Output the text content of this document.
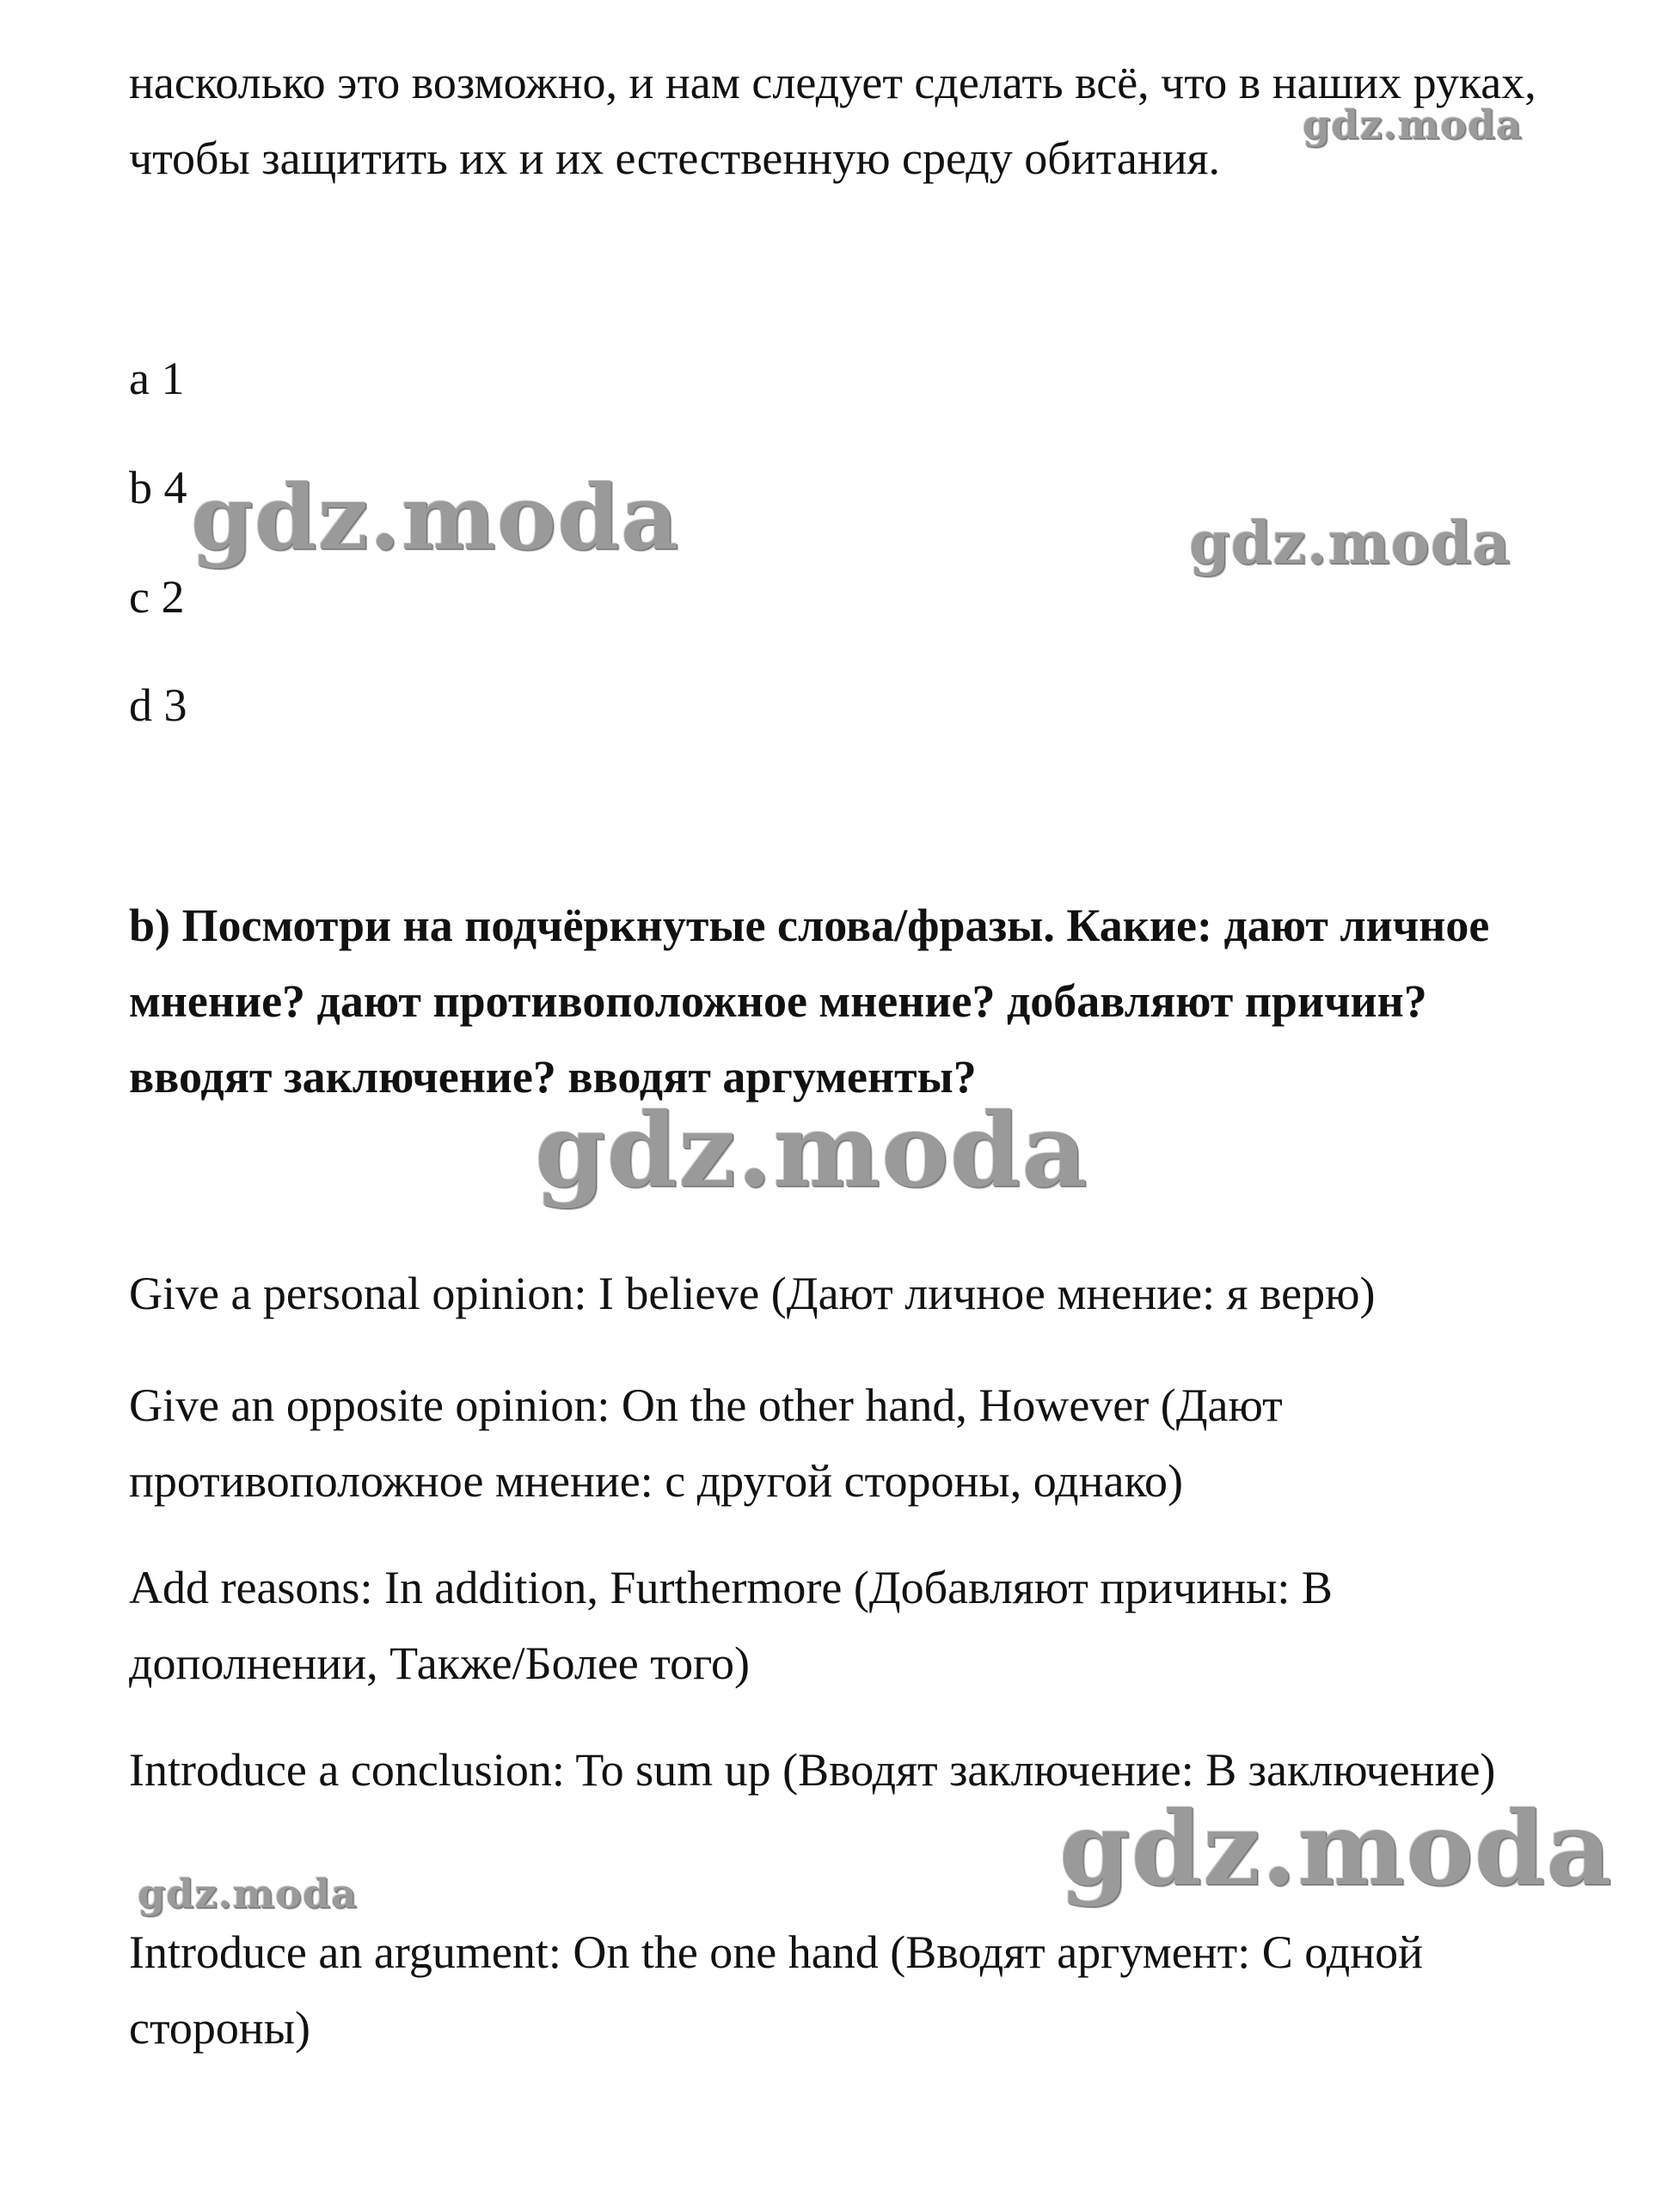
насколько это возможно, и нам следует сделать всё, что в наших руках, чтобы защитить их и их естественную среду обитания.
a 1
b 4
c 2
d 3
b) Посмотри на подчёркнутые слова/фразы. Какие: дают личное мнение? дают противоположное мнение? добавляют причин? вводят заключение? вводят аргументы?
Give a personal opinion: I believe (Дают личное мнение: я верю)
Give an opposite opinion: On the other hand, However (Дают противоположное мнение: с другой стороны, однако)
Add reasons: In addition, Furthermore (Добавляют причины: В дополнении, Также/Более того)
Introduce a conclusion: To sum up (Вводят заключение: В заключение)
Introduce an argument: On the one hand (Вводят аргумент: С одной стороны)
gdz.moda
gdz.moda	gdz.moda
gdz.moda
gdz.moda
gdz.moda
